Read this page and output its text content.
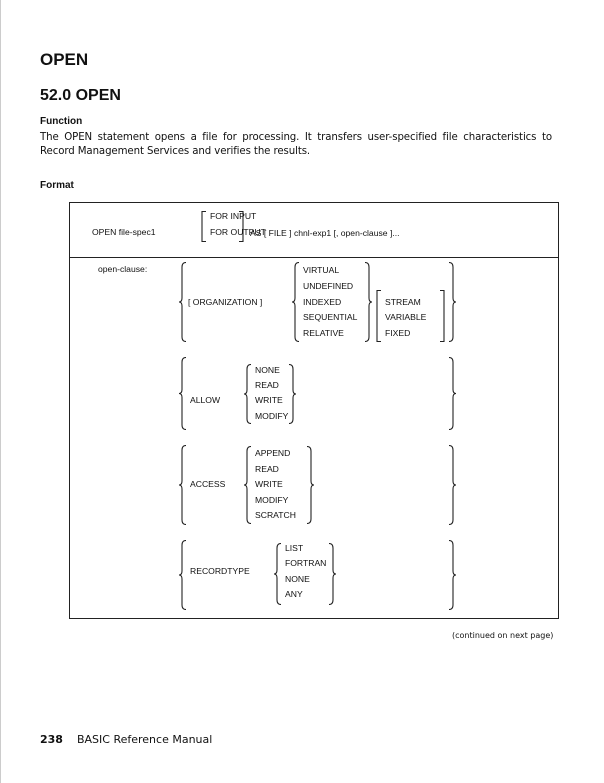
OPEN
52.0 OPEN
Function
The OPEN statement opens a file for processing. It transfers user-specified file characteristics to Record Management Services and verifies the results.
Format
OPEN file-spec1
FOR INPUT
FOR OUTPUT
AS [ FILE ] chnl-exp1 [, open-clause ]...
open-clause:
[ ORGANIZATION ]
VIRTUAL
UNDEFINED
INDEXED
SEQUENTIAL
RELATIVE
STREAM
VARIABLE
FIXED
ALLOW
NONE
READ
WRITE
MODIFY
ACCESS
APPEND
READ
WRITE
MODIFY
SCRATCH
RECORDTYPE
LIST
FORTRAN
NONE
ANY
(continued on next page)
238 BASIC Reference Manual
